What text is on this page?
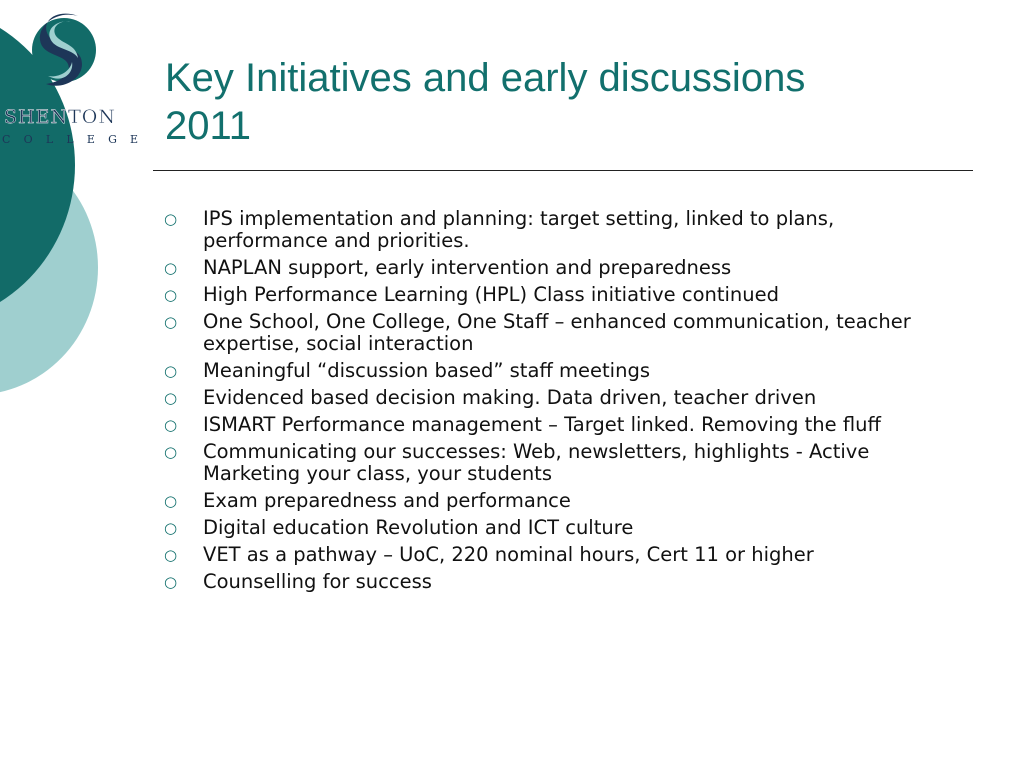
SHENTON
COLLEGE
Key Initiatives and early discussions
2011
○ IPS implementation and planning: target setting, linked to plans, performance and priorities.
○ NAPLAN support, early intervention and preparedness
○ High Performance Learning (HPL) Class initiative continued
○ One School, One College, One Staff – enhanced communication, teacher expertise, social interaction
○ Meaningful “discussion based” staff meetings
○ Evidenced based decision making. Data driven, teacher driven
○ ISMART Performance management – Target linked. Removing the fluff
○ Communicating our successes: Web, newsletters, highlights - Active Marketing your class, your students
○ Exam preparedness and performance
○ Digital education Revolution and ICT culture
○ VET as a pathway – UoC, 220 nominal hours, Cert 11 or higher
○ Counselling for success
